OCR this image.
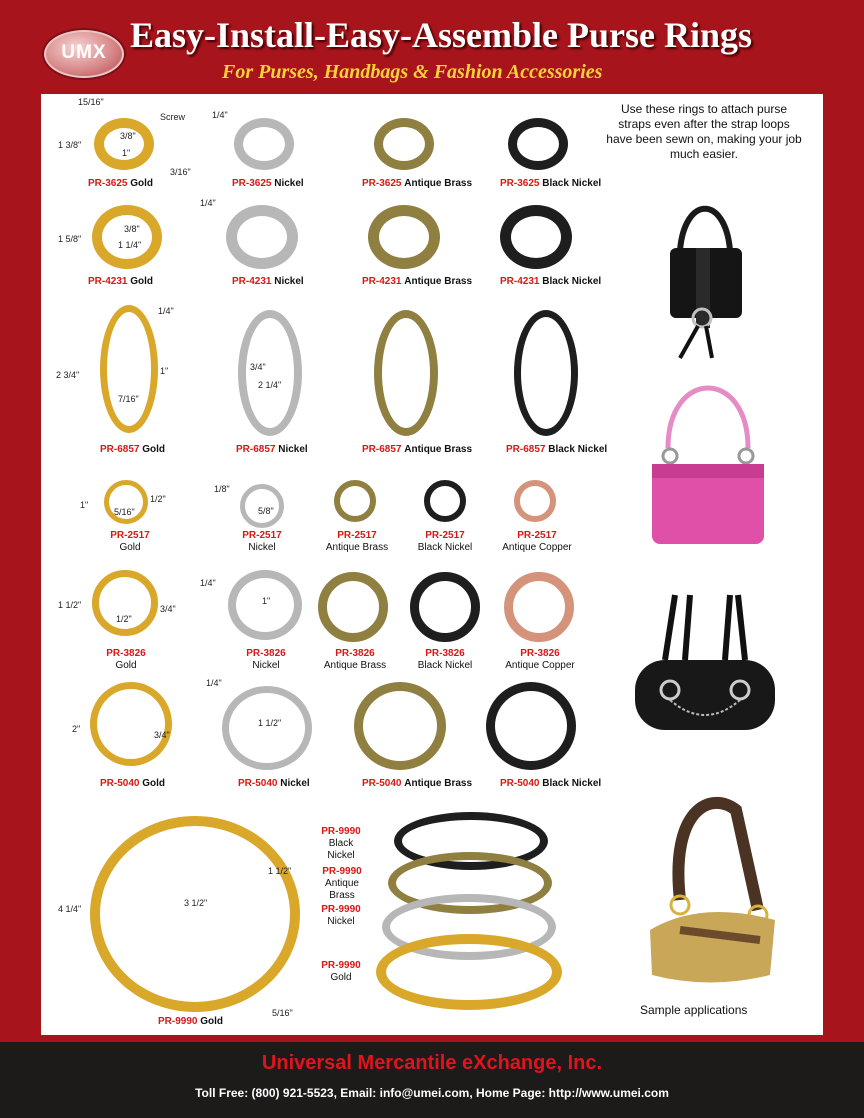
UMX Easy-Install-Easy-Assemble Purse Rings
For Purses, Handbags & Fashion Accessories
15/16"
Screw
1 3/8"
3/8"
1"
3/16"
PR-3625 Gold
1/4"
PR-3625 Nickel	PR-3625 Antique Brass	PR-3625 Black Nickel
1 5/8"
3/8"
1 1/4"
PR-4231 Gold
1/4"
PR-4231 Nickel	PR-4231 Antique Brass	PR-4231 Black Nickel
2 3/4"
1/4"
1"
7/16"
PR-6857 Gold
3/4"
2 1/4"
PR-6857 Nickel	PR-6857 Antique Brass	PR-6857 Black Nickel
1"
1/2"
5/16"
PR-2517
Gold
1/8"
5/8"
PR-2517
Nickel
PR-2517
Antique Brass
PR-2517
Black Nickel
PR-2517
Antique Copper
1 1/2"	3/4"
1/2"
PR-3826
Gold
1/4"
1"
PR-3826
Nickel
PR-3826
Antique Brass
PR-3826
Black Nickel
PR-3826
Antique Copper
2"
3/4"
PR-5040 Gold
1/4"
1 1/2"
PR-5040 Nickel	PR-5040 Antique Brass	PR-5040 Black Nickel
4 1/4"
1 1/2"
3 1/2"
5/16"
PR-9990 Gold
PR-9990
Black Nickel
PR-9990
Antique Brass
PR-9990
Nickel
PR-9990
Gold
Use these rings to attach purse straps even after the strap loops have been sewn on, making your job much easier.
Sample applications
Universal Mercantile eXchange, Inc.
Toll Free: (800) 921-5523, Email: info@umei.com, Home Page: http://www.umei.com
